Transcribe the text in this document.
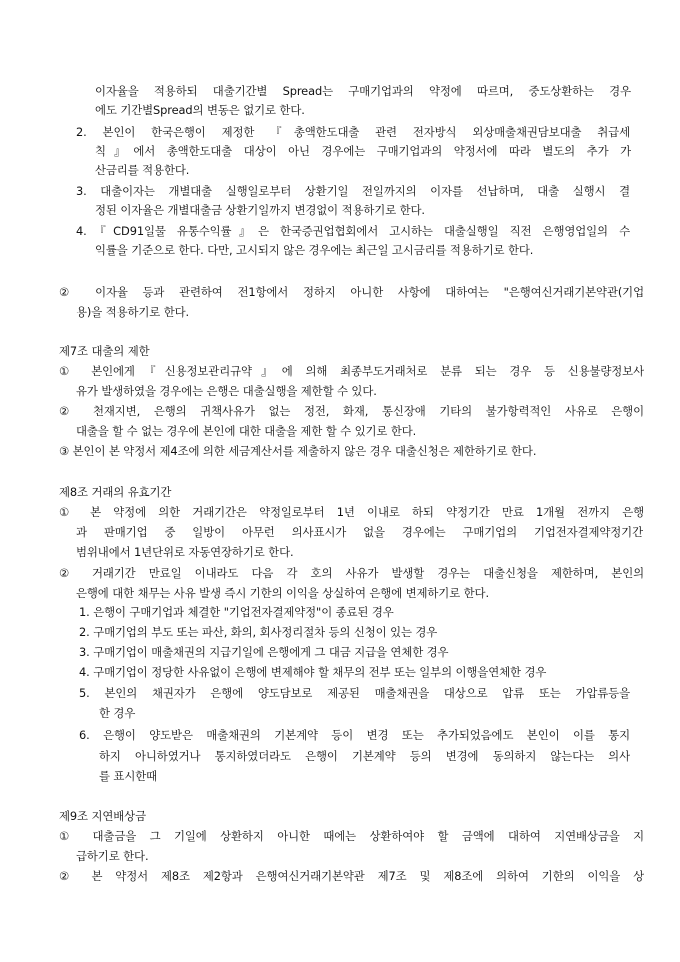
이자율을 적용하되 대출기간별 Spread는 구매기업과의 약정에 따르며, 중도상환하는 경우
에도 기간별Spread의 변동은 없기로 한다.
2. 본인이 한국은행이 제정한 『총액한도대출 관련 전자방식 외상매출채권담보대출 취급세
칙』에서 총액한도대출 대상이 아닌 경우에는 구매기업과의 약정서에 따라 별도의 추가 가
산금리를 적용한다.
3. 대출이자는 개별대출 실행일로부터 상환기일 전일까지의 이자를 선납하며, 대출 실행시 결
정된 이자율은 개별대출금 상환기일까지 변경없이 적용하기로 한다.
4.『CD91일물 유통수익률』은 한국증권업협회에서 고시하는 대출실행일 직전 은행영업일의 수
익률을 기준으로 한다. 다만, 고시되지 않은 경우에는 최근일 고시금리를 적용하기로 한다.
② 이자율 등과 관련하여 전1항에서 정하지 아니한 사항에 대하여는 "은행여신거래기본약관(기업
용)을 적용하기로 한다.
제7조 대출의 제한
① 본인에게『신용정보관리규약』에 의해 최종부도거래처로 분류 되는 경우 등 신용불량정보사
유가 발생하였을 경우에는 은행은 대출실행을 제한할 수 있다.
② 천재지변, 은행의 귀책사유가 없는 정전, 화재, 통신장애 기타의 불가항력적인 사유로 은행이
대출을 할 수 없는 경우에 본인에 대한 대출을 제한 할 수 있기로 한다.
③ 본인이 본 약정서 제4조에 의한 세금계산서를 제출하지 않은 경우 대출신청은 제한하기로 한다.
제8조 거래의 유효기간
① 본 약정에 의한 거래기간은 약정일로부터 1년 이내로 하되 약정기간 만료 1개월 전까지 은행
과 판매기업 중 일방이 아무런 의사표시가 없을 경우에는 구매기업의 기업전자결제약정기간
범위내에서 1년단위로 자동연장하기로 한다.
② 거래기간 만료일 이내라도 다음 각 호의 사유가 발생할 경우는 대출신청을 제한하며, 본인의
은행에 대한 채무는 사유 발생 즉시 기한의 이익을 상실하여 은행에 변제하기로 한다.
1. 은행이 구매기업과 체결한 "기업전자결제약정"이 종료된 경우
2. 구매기업의 부도 또는 파산, 화의, 회사정리절차 등의 신청이 있는 경우
3. 구매기업이 매출채권의 지급기일에 은행에게 그 대금 지급을 연체한 경우
4. 구매기업이 정당한 사유없이 은행에 변제해야 할 채무의 전부 또는 일부의 이행을연체한 경우
5. 본인의 채권자가 은행에 양도담보로 제공된 매출채권을 대상으로 압류 또는 가압류등을
한 경우
6. 은행이 양도받은 매출채권의 기본계약 등이 변경 또는 추가되었음에도 본인이 이를 통지
하지 아니하였거나 통지하였더라도 은행이 기본계약 등의 변경에 동의하지 않는다는 의사
를 표시한때
제9조 지연배상금
① 대출금을 그 기일에 상환하지 아니한 때에는 상환하여야 할 금액에 대하여 지연배상금을 지
급하기로 한다.
② 본 약정서 제8조 제2항과 은행여신거래기본약관 제7조 및 제8조에 의하여 기한의 이익을 상
